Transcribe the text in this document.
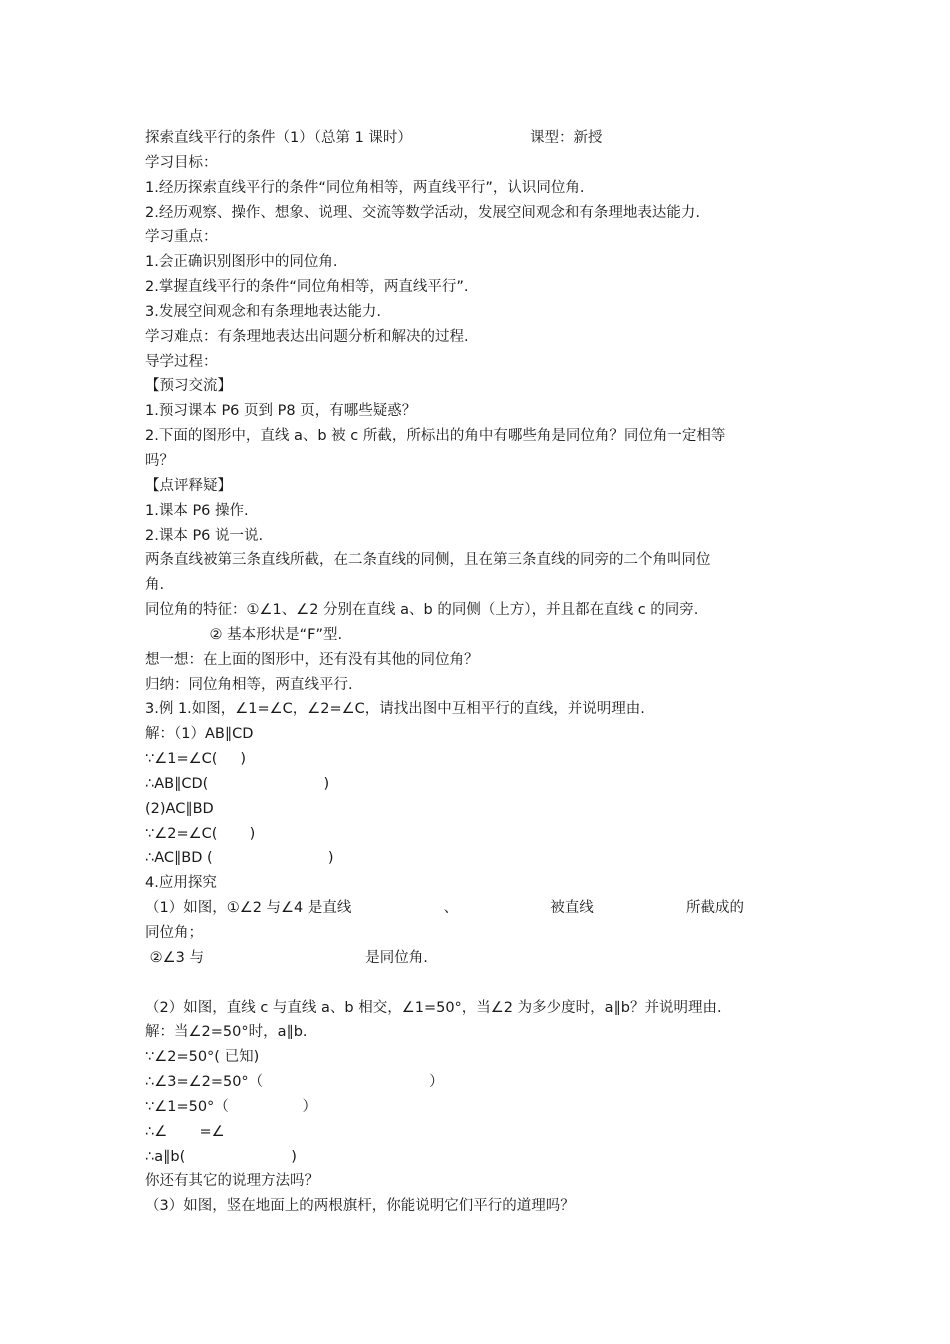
探索直线平行的条件（1）（总第 1 课时）	课型：新授
学习目标：
1.经历探索直线平行的条件“同位角相等，两直线平行”，认识同位角.
2.经历观察、操作、想象、说理、交流等数学活动，发展空间观念和有条理地表达能力.
学习重点：
1.会正确识别图形中的同位角.
2.掌握直线平行的条件“同位角相等，两直线平行”.
3.发展空间观念和有条理地表达能力.
学习难点：有条理地表达出问题分析和解决的过程.
导学过程：
【预习交流】
1.预习课本 P6 页到 P8 页，有哪些疑惑？
2.下面的图形中，直线 a、b 被 c 所截，所标出的角中有哪些角是同位角？同位角一定相等
吗？
【点评释疑】
1.课本 P6 操作.
2.课本 P6 说一说.
两条直线被第三条直线所截，在二条直线的同侧，且在第三条直线的同旁的二个角叫同位
角.
同位角的特征：①∠1、∠2 分别在直线 a、b 的同侧（上方），并且都在直线 c 的同旁.
② 基本形状是“F”型.
想一想：在上面的图形中，还有没有其他的同位角？
归纳：同位角相等，两直线平行.
3.例 1.如图，∠1=∠C，∠2=∠C，请找出图中互相平行的直线，并说明理由.
解：（1）AB∥CD
∵∠1=∠C(     )
∴AB∥CD(                         )
(2)AC∥BD
∵∠2=∠C(       )
∴AC∥BD (                         )
4.应用探究
（1）如图，①∠2 与∠4 是直线                    、                    被直线                    所截成的
同位角；
②∠3 与                                   是同位角.
（2）如图，直线 c 与直线 a、b 相交，∠1=50°，当∠2 为多少度时，a∥b？并说明理由.
解：当∠2=50°时，a∥b.
∵∠2=50°( 已知)
∴∠3=∠2=50°（                                    ）
∵∠1=50°（                ）
∴∠       =∠
∴a∥b(                       )
你还有其它的说理方法吗？
（3）如图，竖在地面上的两根旗杆，你能说明它们平行的道理吗？
